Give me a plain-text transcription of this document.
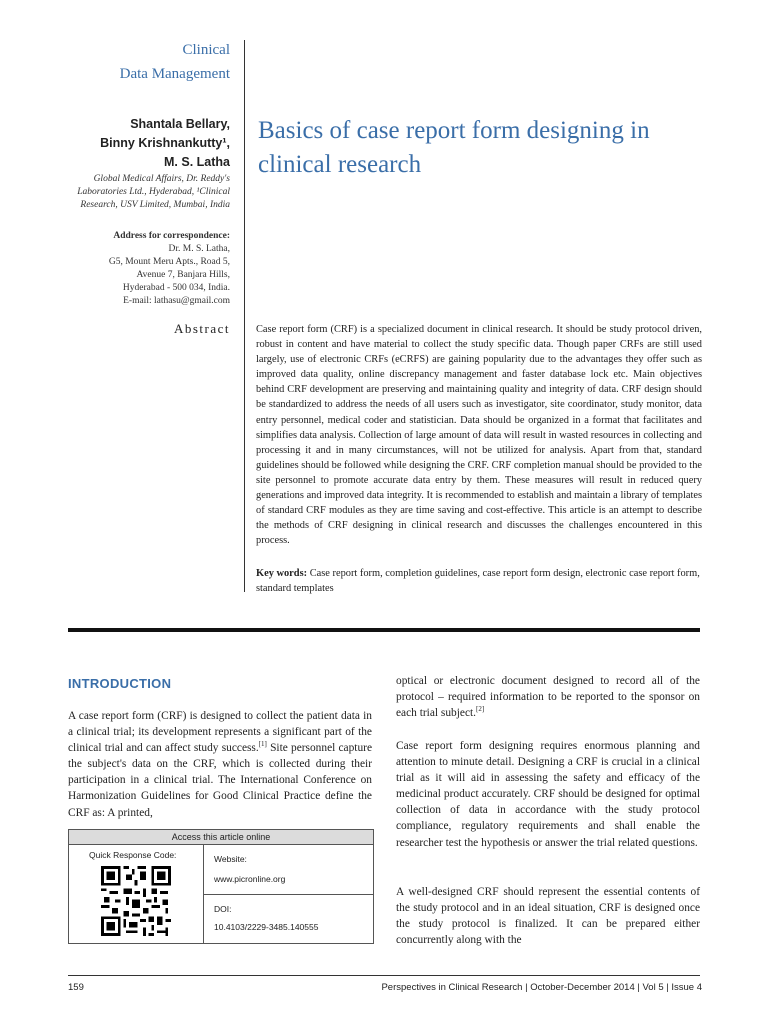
Clinical
Data Management
Shantala Bellary,
Binny Krishnankutty¹,
M. S. Latha
Global Medical Affairs, Dr. Reddy's Laboratories Ltd., Hyderabad, ¹Clinical Research, USV Limited, Mumbai, India
Address for correspondence:
Dr. M. S. Latha,
G5, Mount Meru Apts., Road 5,
Avenue 7, Banjara Hills,
Hyderabad - 500 034, India.
E-mail: lathasu@gmail.com
Abstract
Basics of case report form designing in clinical research
Case report form (CRF) is a specialized document in clinical research. It should be study protocol driven, robust in content and have material to collect the study specific data. Though paper CRFs are still used largely, use of electronic CRFs (eCRFS) are gaining popularity due to the advantages they offer such as improved data quality, online discrepancy management and faster database lock etc. Main objectives behind CRF development are preserving and maintaining quality and integrity of data. CRF design should be standardized to address the needs of all users such as investigator, site coordinator, study monitor, data entry personnel, medical coder and statistician. Data should be organized in a format that facilitates and simplifies data analysis. Collection of large amount of data will result in wasted resources in collecting and processing it and in many circumstances, will not be utilized for analysis. Apart from that, standard guidelines should be followed while designing the CRF. CRF completion manual should be provided to the site personnel to promote accurate data entry by them. These measures will result in reduced query generations and improved data integrity. It is recommended to establish and maintain a library of templates of standard CRF modules as they are time saving and cost-effective. This article is an attempt to describe the methods of CRF designing in clinical research and discusses the challenges encountered in this process.
Key words: Case report form, completion guidelines, case report form design, electronic case report form, standard templates
INTRODUCTION
A case report form (CRF) is designed to collect the patient data in a clinical trial; its development represents a significant part of the clinical trial and can affect study success.[1] Site personnel capture the subject's data on the CRF, which is collected during their participation in a clinical trial. The International Conference on Harmonization Guidelines for Good Clinical Practice define the CRF as: A printed,
Access this article online
Quick Response Code:	Website:
www.picronline.org
DOI:
10.4103/2229-3485.140555
optical or electronic document designed to record all of the protocol – required information to be reported to the sponsor on each trial subject.[2]
Case report form designing requires enormous planning and attention to minute detail. Designing a CRF is crucial in a clinical trial as it will aid in assessing the safety and efficacy of the medicinal product accurately. CRF should be designed for optimal collection of data in accordance with the study protocol compliance, regulatory requirements and shall enable the researcher test the hypothesis or answer the trial related questions.
A well-designed CRF should represent the essential contents of the study protocol and in an ideal situation, CRF is designed once the study protocol is finalized. It can be prepared either concurrently along with the
159	Perspectives in Clinical Research | October-December 2014 | Vol 5 | Issue 4
